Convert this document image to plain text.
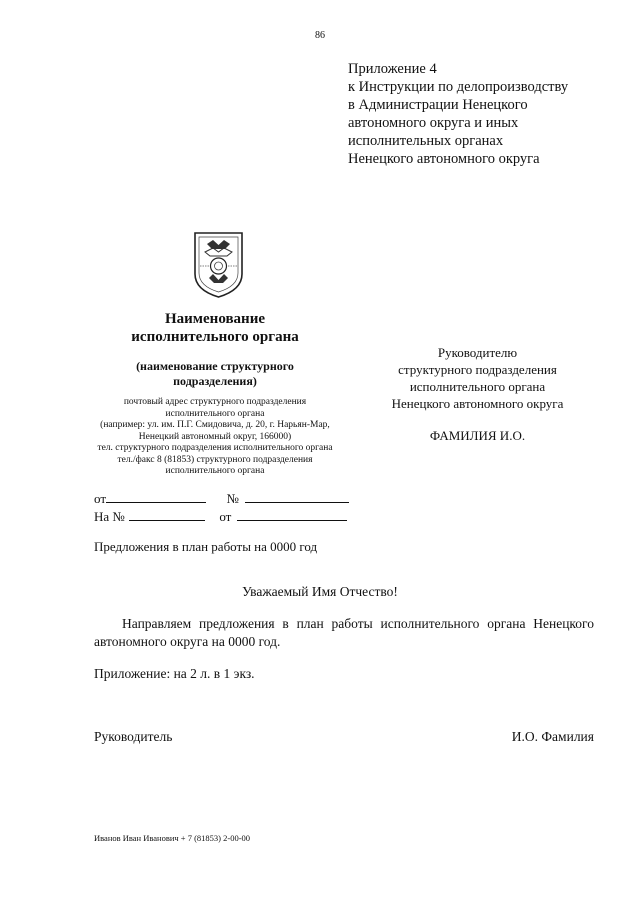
86
Приложение 4
к Инструкции по делопроизводству
в Администрации Ненецкого
автономного округа и иных
исполнительных органах
Ненецкого автономного округа
Наименование
исполнительного органа
(наименование структурного
подразделения)
почтовый адрес структурного подразделения
исполнительного органа
(например: ул. им. П.Г. Смидовича, д. 20, г. Нарьян-Мар,
Ненецкий автономный округ, 166000)
тел. структурного подразделения исполнительного органа
тел./факс 8 (81853) структурного подразделения
исполнительного органа
Руководителю
структурного подразделения
исполнительного органа
Ненецкого автономного округа
ФАМИЛИЯ И.О.
от	№
На №	от
Предложения в план работы на 0000 год
Уважаемый Имя Отчество!
Направляем предложения в план работы исполнительного органа Ненецкого автономного округа на 0000 год.
Приложение: на 2 л. в 1 экз.
Руководитель	И.О. Фамилия
Иванов Иван Иванович + 7 (81853) 2-00-00
